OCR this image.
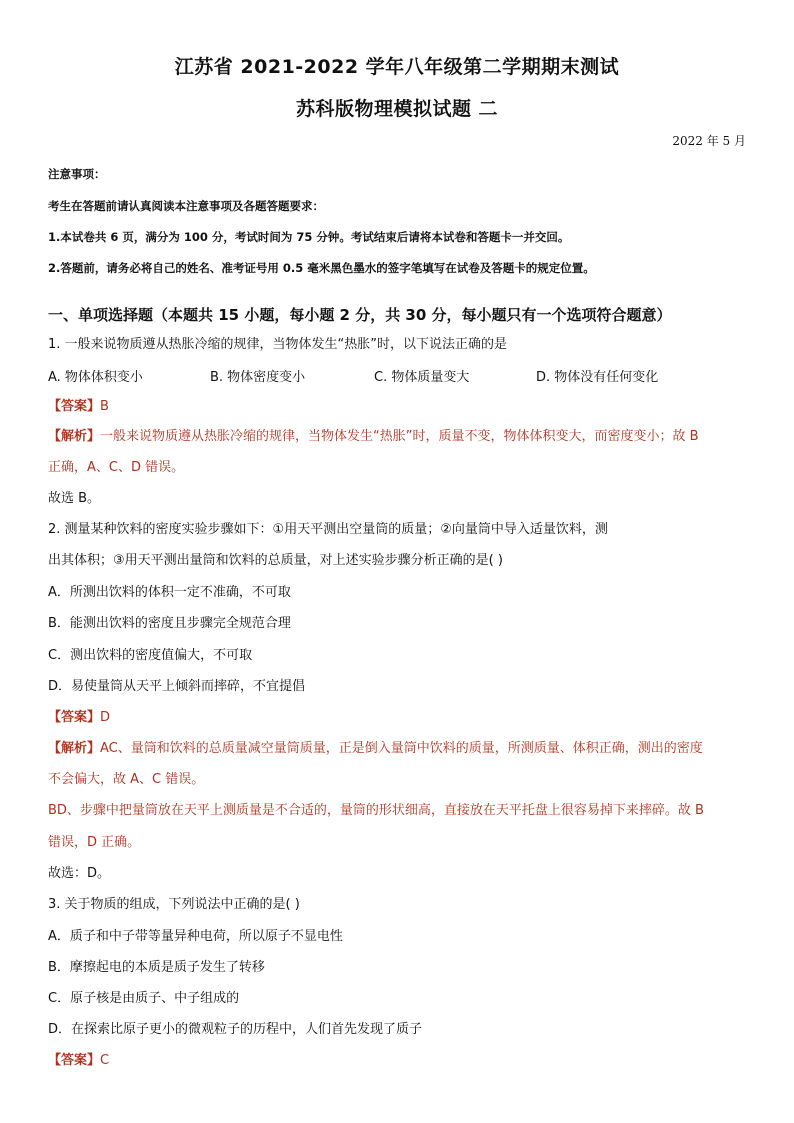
江苏省 2021-2022 学年八年级第二学期期末测试
苏科版物理模拟试题 二
2022 年 5 月
注意事项：
考生在答题前请认真阅读本注意事项及各题答题要求：
1.本试卷共 6 页，满分为 100 分，考试时间为 75 分钟。考试结束后请将本试卷和答题卡一并交回。
2.答题前，请务必将自己的姓名、准考证号用 0.5 毫米黑色墨水的签字笔填写在试卷及答题卡的规定位置。
一、单项选择题（本题共 15 小题，每小题 2 分，共 30 分，每小题只有一个选项符合题意）
1. 一般来说物质遵从热胀冷缩的规律，当物体发生“热胀”时，以下说法正确的是
A. 物体体积变小	B. 物体密度变小	C. 物体质量变大	D. 物体没有任何变化
【答案】B
【解析】一般来说物质遵从热胀冷缩的规律，当物体发生“热胀”时，质量不变，物体体积变大，而密度变小；故 B
正确，A、C、D 错误。
故选 B。
2. 测量某种饮料的密度实验步骤如下：①用天平测出空量筒的质量；②向量筒中导入适量饮料，测
出其体积；③用天平测出量筒和饮料的总质量，对上述实验步骤分析正确的是( )
A．所测出饮料的体积一定不准确，不可取
B．能测出饮料的密度且步骤完全规范合理
C．测出饮料的密度值偏大，不可取
D．易使量筒从天平上倾斜而摔碎，不宜提倡
【答案】D
【解析】AC、量筒和饮料的总质量减空量筒质量，正是倒入量筒中饮料的质量，所测质量、体积正确，测出的密度
不会偏大，故 A、C 错误。
BD、步骤中把量筒放在天平上测质量是不合适的，量筒的形状细高，直接放在天平托盘上很容易掉下来摔碎。故 B
错误，D 正确。
故选：D。
3. 关于物质的组成，下列说法中正确的是( )
A．质子和中子带等量异种电荷，所以原子不显电性
B．摩擦起电的本质是质子发生了转移
C．原子核是由质子、中子组成的
D．在探索比原子更小的微观粒子的历程中，人们首先发现了质子
【答案】C
